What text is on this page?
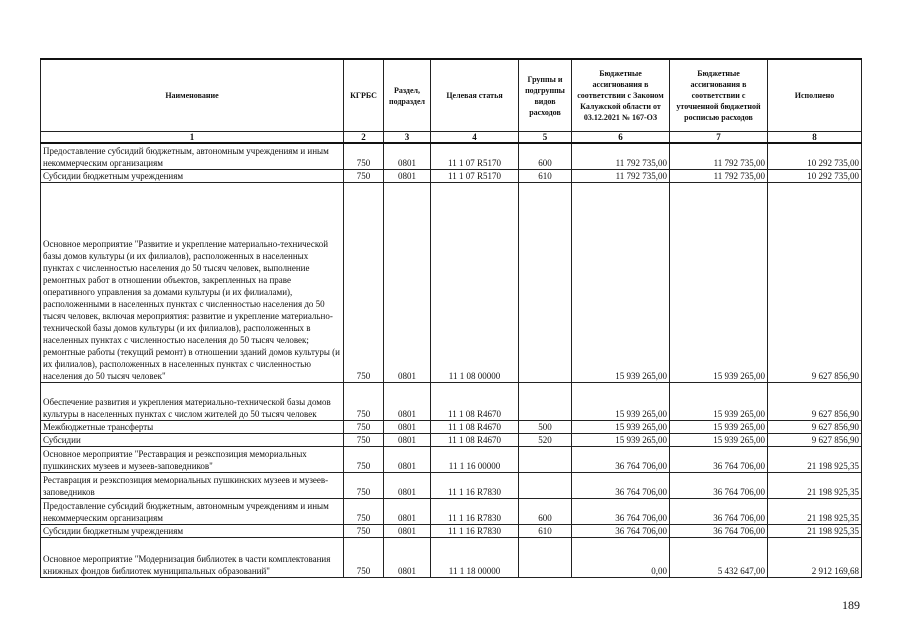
Наименование	КГРБС	Раздел, подраздел	Целевая статья	Группы и подгруппы видов расходов	Бюджетные ассигнования в соответствии с Законом Калужской области от 03.12.2021 № 167-ОЗ	Бюджетные ассигнования в соответствии с уточненной бюджетной росписью расходов	Исполнено
1	2	3	4	5	6	7	8
Предоставление субсидий бюджетным, автономным учреждениям и иным некоммерческим организациям	750	0801	11 1 07 R5170	600	11 792 735,00	11 792 735,00	10 292 735,00
Субсидии бюджетным учреждениям	750	0801	11 1 07 R5170	610	11 792 735,00	11 792 735,00	10 292 735,00
Основное мероприятие "Развитие и укрепление материально-технической базы домов культуры (и их филиалов), расположенных в населенных пунктах с численностью населения до 50 тысяч человек, выполнение ремонтных работ в отношении объектов, закрепленных на праве оперативного управления за домами культуры (и их филиалами), расположенными в населенных пунктах с численностью населения до 50 тысяч человек, включая мероприятия: развитие и укрепление материально-технической базы домов культуры (и их филиалов), расположенных в населенных пунктах с численностью населения до 50 тысяч человек; ремонтные работы (текущий ремонт) в отношении зданий домов культуры (и их филиалов), расположенных в населенных пунктах с численностью населения до 50 тысяч человек"	750	0801	11 1 08 00000		15 939 265,00	15 939 265,00	9 627 856,90
Обеспечение развития и укрепления материально-технической базы домов культуры в населенных пунктах с числом жителей до 50 тысяч человек	750	0801	11 1 08 R4670		15 939 265,00	15 939 265,00	9 627 856,90
Межбюджетные трансферты	750	0801	11 1 08 R4670	500	15 939 265,00	15 939 265,00	9 627 856,90
Субсидии	750	0801	11 1 08 R4670	520	15 939 265,00	15 939 265,00	9 627 856,90
Основное мероприятие "Реставрация и реэкспозиция мемориальных пушкинских музеев и музеев-заповедников"	750	0801	11 1 16 00000		36 764 706,00	36 764 706,00	21 198 925,35
Реставрация и реэкспозиция мемориальных пушкинских музеев и музеев-заповедников	750	0801	11 1 16 R7830		36 764 706,00	36 764 706,00	21 198 925,35
Предоставление субсидий бюджетным, автономным учреждениям и иным некоммерческим организациям	750	0801	11 1 16 R7830	600	36 764 706,00	36 764 706,00	21 198 925,35
Субсидии бюджетным учреждениям	750	0801	11 1 16 R7830	610	36 764 706,00	36 764 706,00	21 198 925,35
Основное мероприятие "Модернизация библиотек в части комплектования книжных фондов библиотек муниципальных образований"	750	0801	11 1 18 00000		0,00	5 432 647,00	2 912 169,68
189
